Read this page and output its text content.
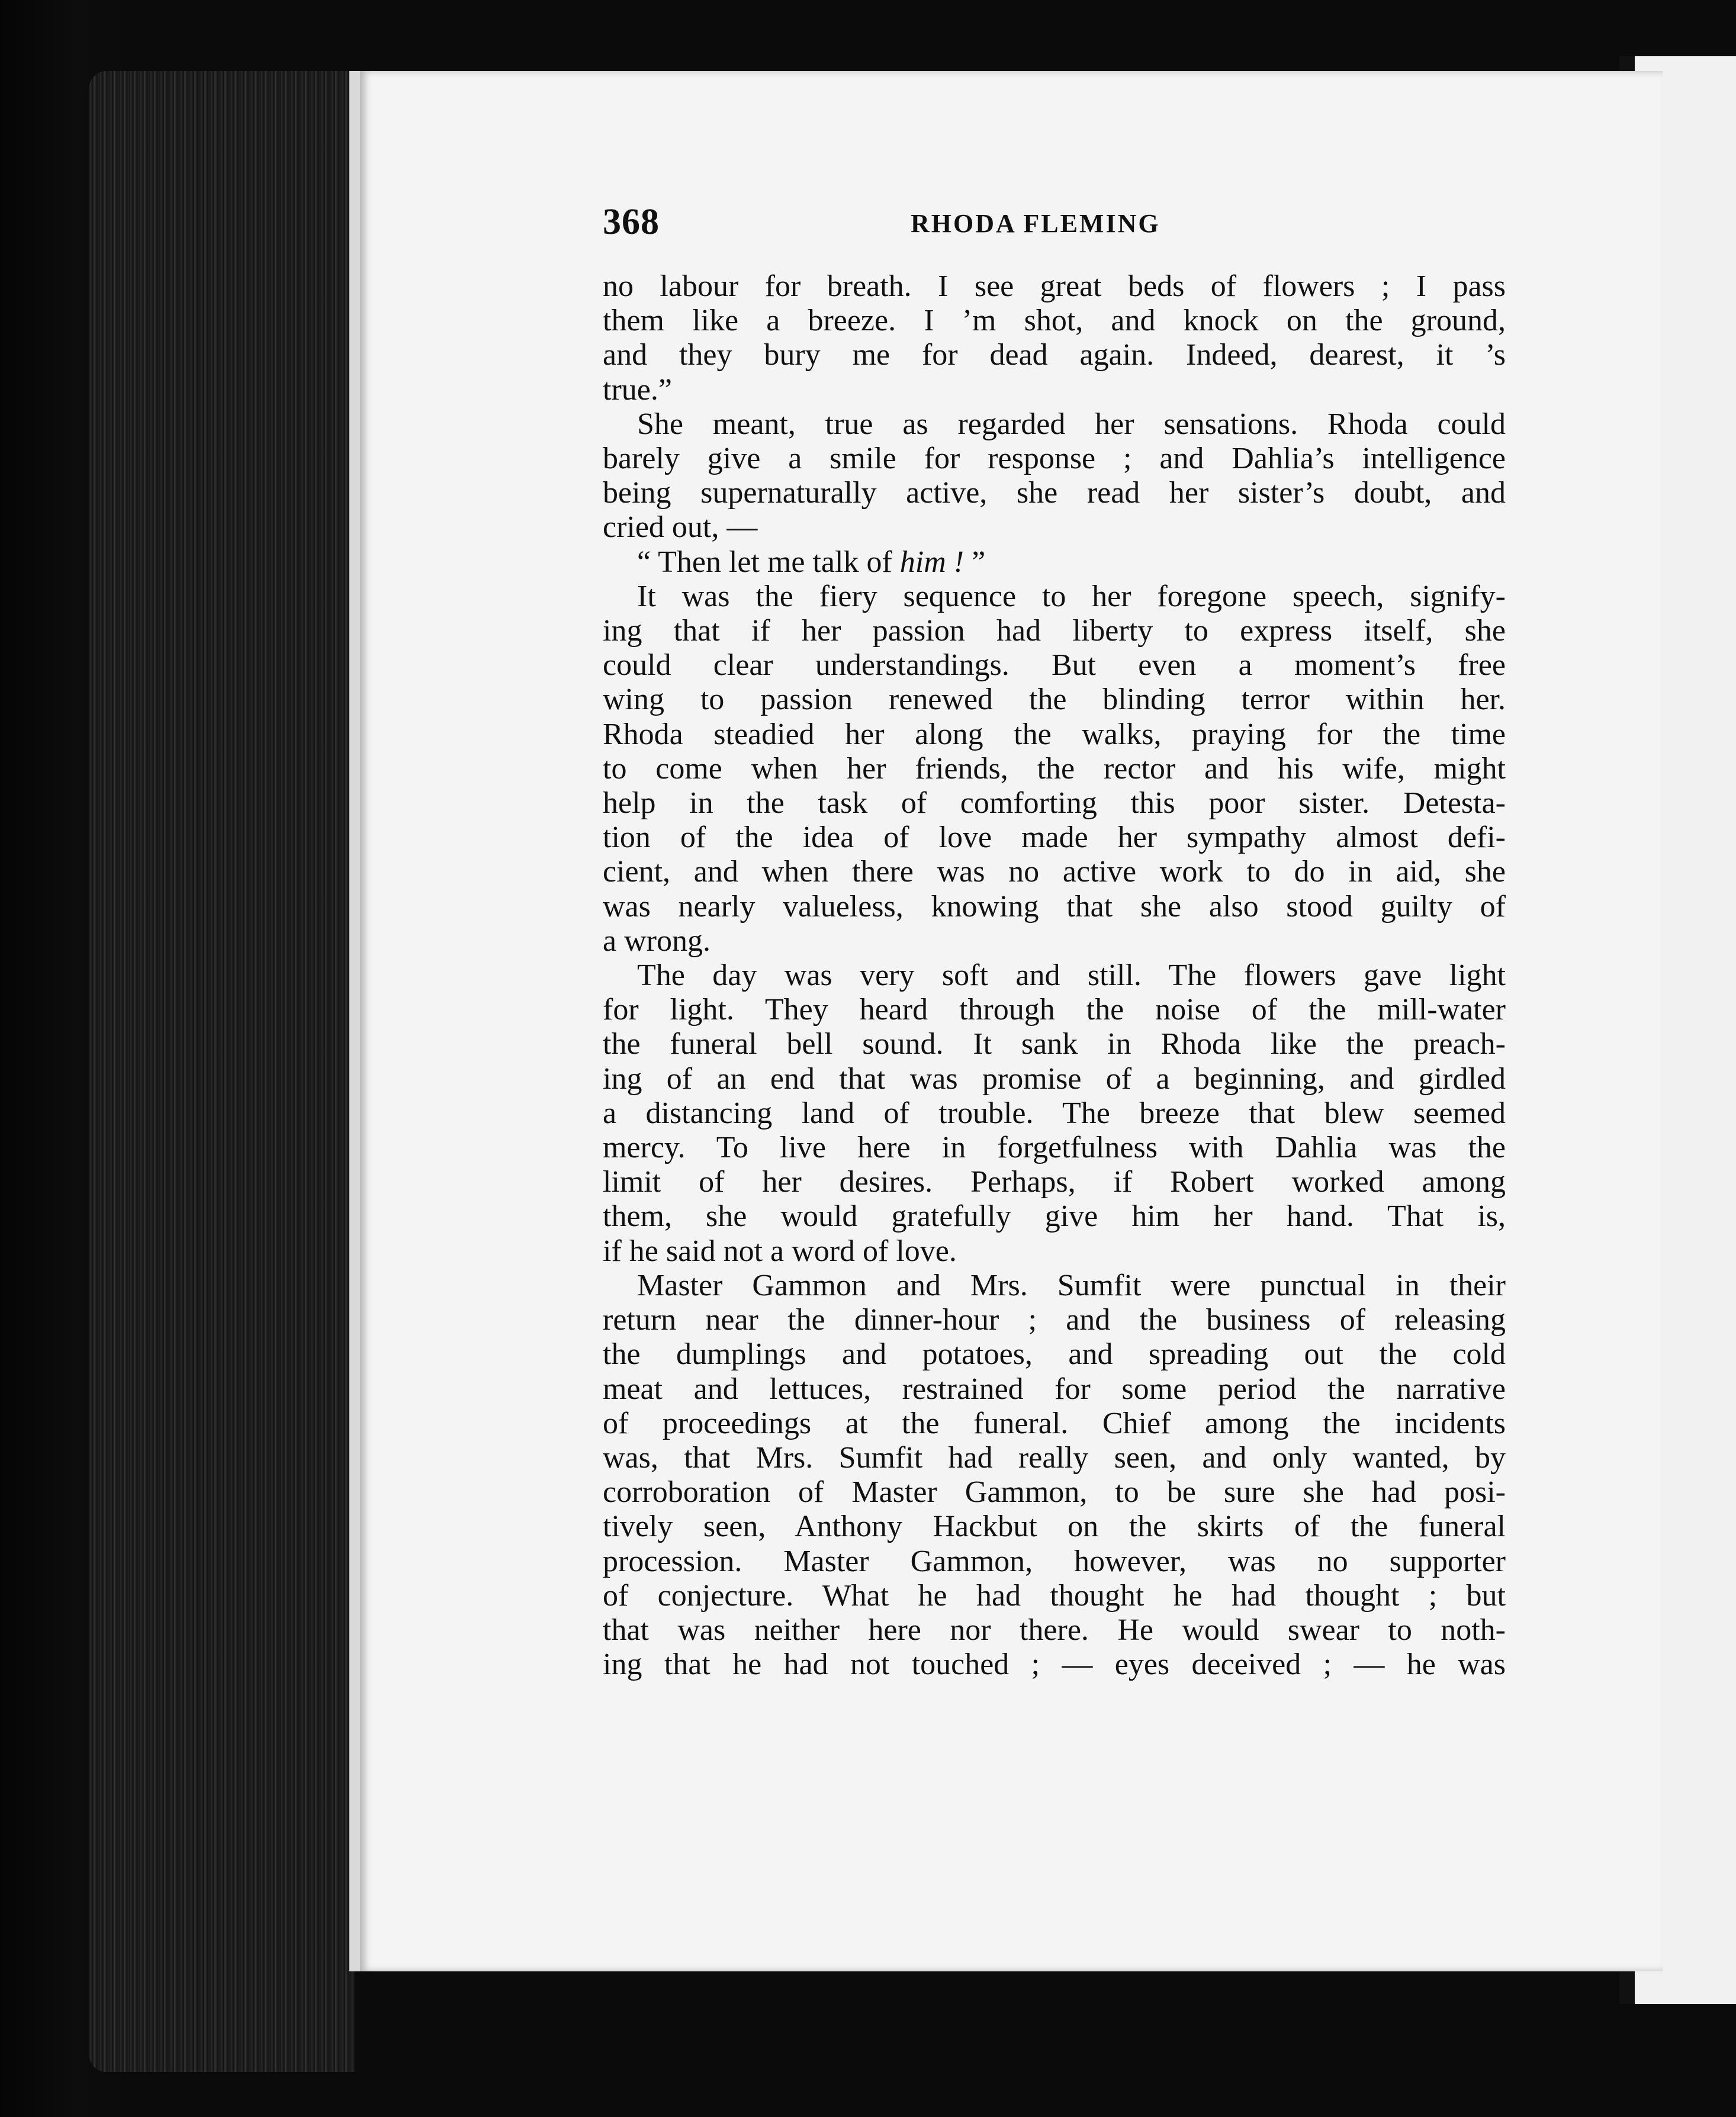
368	RHODA FLEMING
no labour for breath. I see great beds of flowers ; I pass
them like a breeze. I ’m shot, and knock on the ground,
and they bury me for dead again. Indeed, dearest, it ’s
true.”
She meant, true as regarded her sensations. Rhoda could
barely give a smile for response ; and Dahlia’s intelligence
being supernaturally active, she read her sister’s doubt, and
cried out, —
“ Then let me talk of him ! ”
It was the fiery sequence to her foregone speech, signify-
ing that if her passion had liberty to express itself, she
could clear understandings. But even a moment’s free
wing to passion renewed the blinding terror within her.
Rhoda steadied her along the walks, praying for the time
to come when her friends, the rector and his wife, might
help in the task of comforting this poor sister. Detesta-
tion of the idea of love made her sympathy almost defi-
cient, and when there was no active work to do in aid, she
was nearly valueless, knowing that she also stood guilty of
a wrong.
The day was very soft and still. The flowers gave light
for light. They heard through the noise of the mill-water
the funeral bell sound. It sank in Rhoda like the preach-
ing of an end that was promise of a beginning, and girdled
a distancing land of trouble. The breeze that blew seemed
mercy. To live here in forgetfulness with Dahlia was the
limit of her desires. Perhaps, if Robert worked among
them, she would gratefully give him her hand. That is,
if he said not a word of love.
Master Gammon and Mrs. Sumfit were punctual in their
return near the dinner-hour ; and the business of releasing
the dumplings and potatoes, and spreading out the cold
meat and lettuces, restrained for some period the narrative
of proceedings at the funeral. Chief among the incidents
was, that Mrs. Sumfit had really seen, and only wanted, by
corroboration of Master Gammon, to be sure she had posi-
tively seen, Anthony Hackbut on the skirts of the funeral
procession. Master Gammon, however, was no supporter
of conjecture. What he had thought he had thought ; but
that was neither here nor there. He would swear to noth-
ing that he had not touched ; — eyes deceived ; — he was
